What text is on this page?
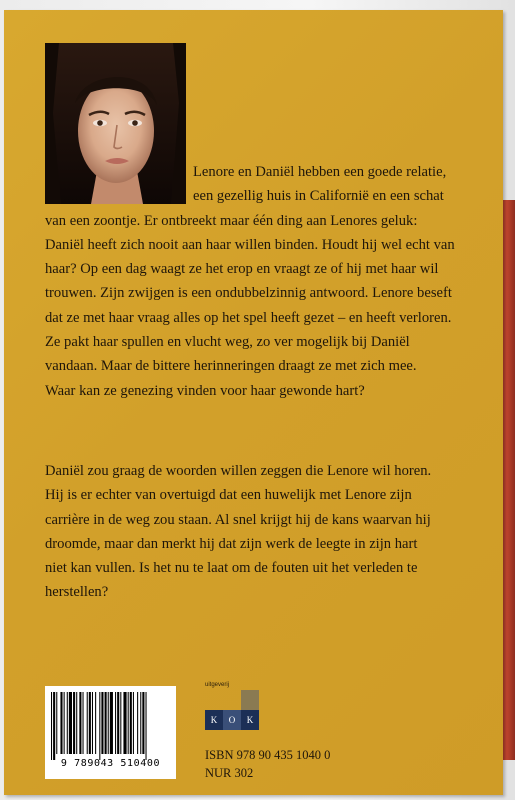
Lenore en Daniël hebben een goede relatie,
een gezellig huis in Californië en een schat
van een zoontje. Er ontbreekt maar één ding aan Lenores geluk:
Daniël heeft zich nooit aan haar willen binden. Houdt hij wel echt van
haar? Op een dag waagt ze het erop en vraagt ze of hij met haar wil
trouwen. Zijn zwijgen is een ondubbelzinnig antwoord. Lenore beseft
dat ze met haar vraag alles op het spel heeft gezet – en heeft verloren.
Ze pakt haar spullen en vlucht weg, zo ver mogelijk bij Daniël
vandaan. Maar de bittere herinneringen draagt ze met zich mee.
Waar kan ze genezing vinden voor haar gewonde hart?
Daniël zou graag de woorden willen zeggen die Lenore wil horen.
Hij is er echter van overtuigd dat een huwelijk met Lenore zijn
carrière in de weg zou staan. Al snel krijgt hij de kans waarvan hij
droomde, maar dan merkt hij dat zijn werk de leegte in zijn hart
niet kan vullen. Is het nu te laat om de fouten uit het verleden te
herstellen?
9 789043 510400
uitgeverij
K	O	K
ISBN 978 90 435 1040 0
NUR 302
